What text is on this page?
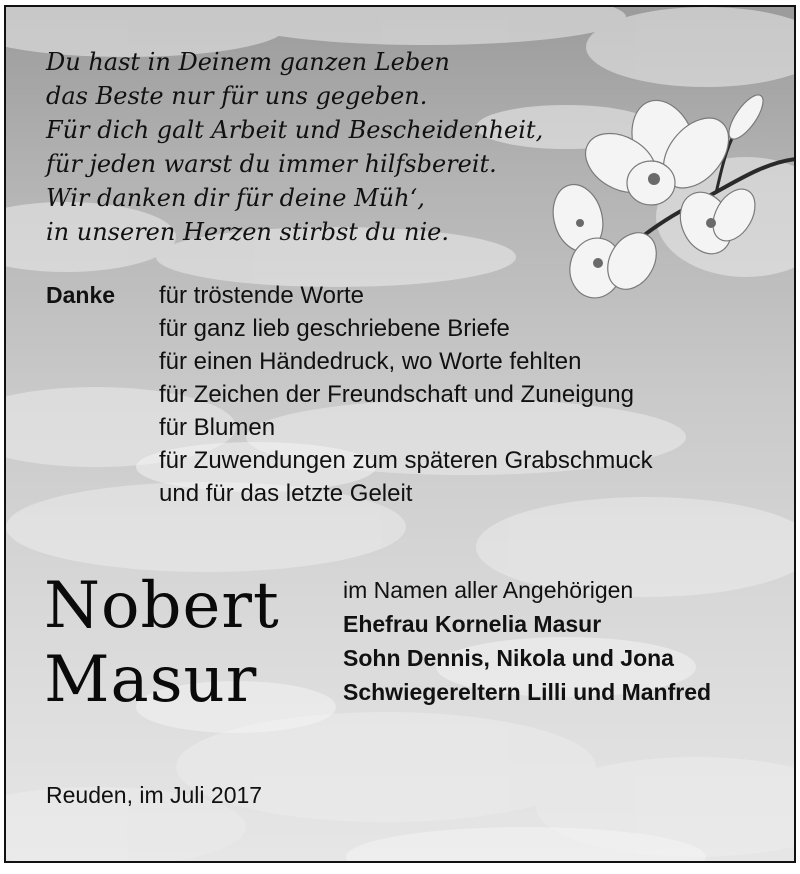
Du hast in Deinem ganzen Leben
das Beste nur für uns gegeben.
Für dich galt Arbeit und Bescheidenheit,
für jeden warst du immer hilfsbereit.
Wir danken dir für deine Müh‘,
in unseren Herzen stirbst du nie.
Danke für tröstende Worte
für ganz lieb geschriebene Briefe
für einen Händedruck, wo Worte fehlten
für Zeichen der Freundschaft und Zuneigung
für Blumen
für Zuwendungen zum späteren Grabschmuck
und für das letzte Geleit
Nobert
Masur
im Namen aller Angehörigen
Ehefrau Kornelia Masur
Sohn Dennis, Nikola und Jona
Schwiegereltern Lilli und Manfred
Reuden, im Juli 2017
